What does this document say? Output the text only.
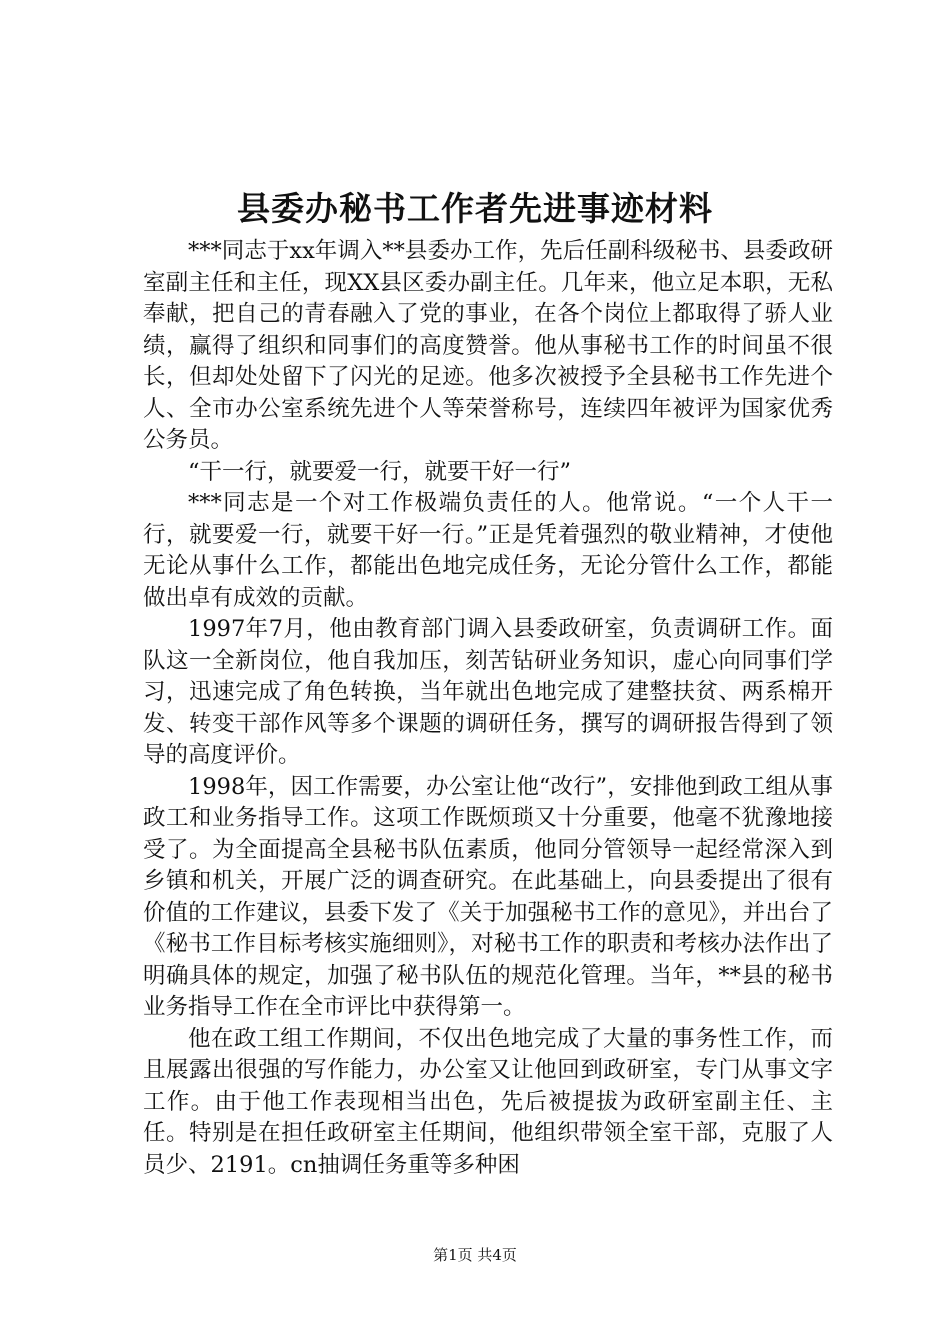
县委办秘书工作者先进事迹材料

***同志于xx年调入**县委办工作，先后任副科级秘书、县委政研室副主任和主任，现XX县区委办副主任。几年来，他立足本职，无私奉献，把自己的青春融入了党的事业，在各个岗位上都取得了骄人业绩，赢得了组织和同事们的高度赞誉。他从事秘书工作的时间虽不很长，但却处处留下了闪光的足迹。他多次被授予全县秘书工作先进个人、全市办公室系统先进个人等荣誉称号，连续四年被评为国家优秀公务员。

“干一行，就要爱一行，就要干好一行”

***同志是一个对工作极端负责任的人。他常说。“一个人干一行，就要爱一行，就要干好一行。”正是凭着强烈的敬业精神，才使他无论从事什么工作，都能出色地完成任务，无论分管什么工作，都能做出卓有成效的贡献。

1997年7月，他由教育部门调入县委政研室，负责调研工作。面队这一全新岗位，他自我加压，刻苦钻研业务知识，虚心向同事们学习，迅速完成了角色转换，当年就出色地完成了建整扶贫、两系棉开发、转变干部作风等多个课题的调研任务，撰写的调研报告得到了领导的高度评价。

1998年，因工作需要，办公室让他“改行”，安排他到政工组从事政工和业务指导工作。这项工作既烦琐又十分重要，他毫不犹豫地接受了。为全面提高全县秘书队伍素质，他同分管领导一起经常深入到乡镇和机关，开展广泛的调查研究。在此基础上，向县委提出了很有价值的工作建议，县委下发了《关于加强秘书工作的意见》，并出台了《秘书工作目标考核实施细则》，对秘书工作的职责和考核办法作出了明确具体的规定，加强了秘书队伍的规范化管理。当年，**县的秘书业务指导工作在全市评比中获得第一。

他在政工组工作期间，不仅出色地完成了大量的事务性工作，而且展露出很强的写作能力，办公室又让他回到政研室，专门从事文字工作。由于他工作表现相当出色，先后被提拔为政研室副主任、主任。特别是在担任政研室主任期间，他组织带领全室干部，克服了人员少、2191。cn抽调任务重等多种困

第1页 共4页
